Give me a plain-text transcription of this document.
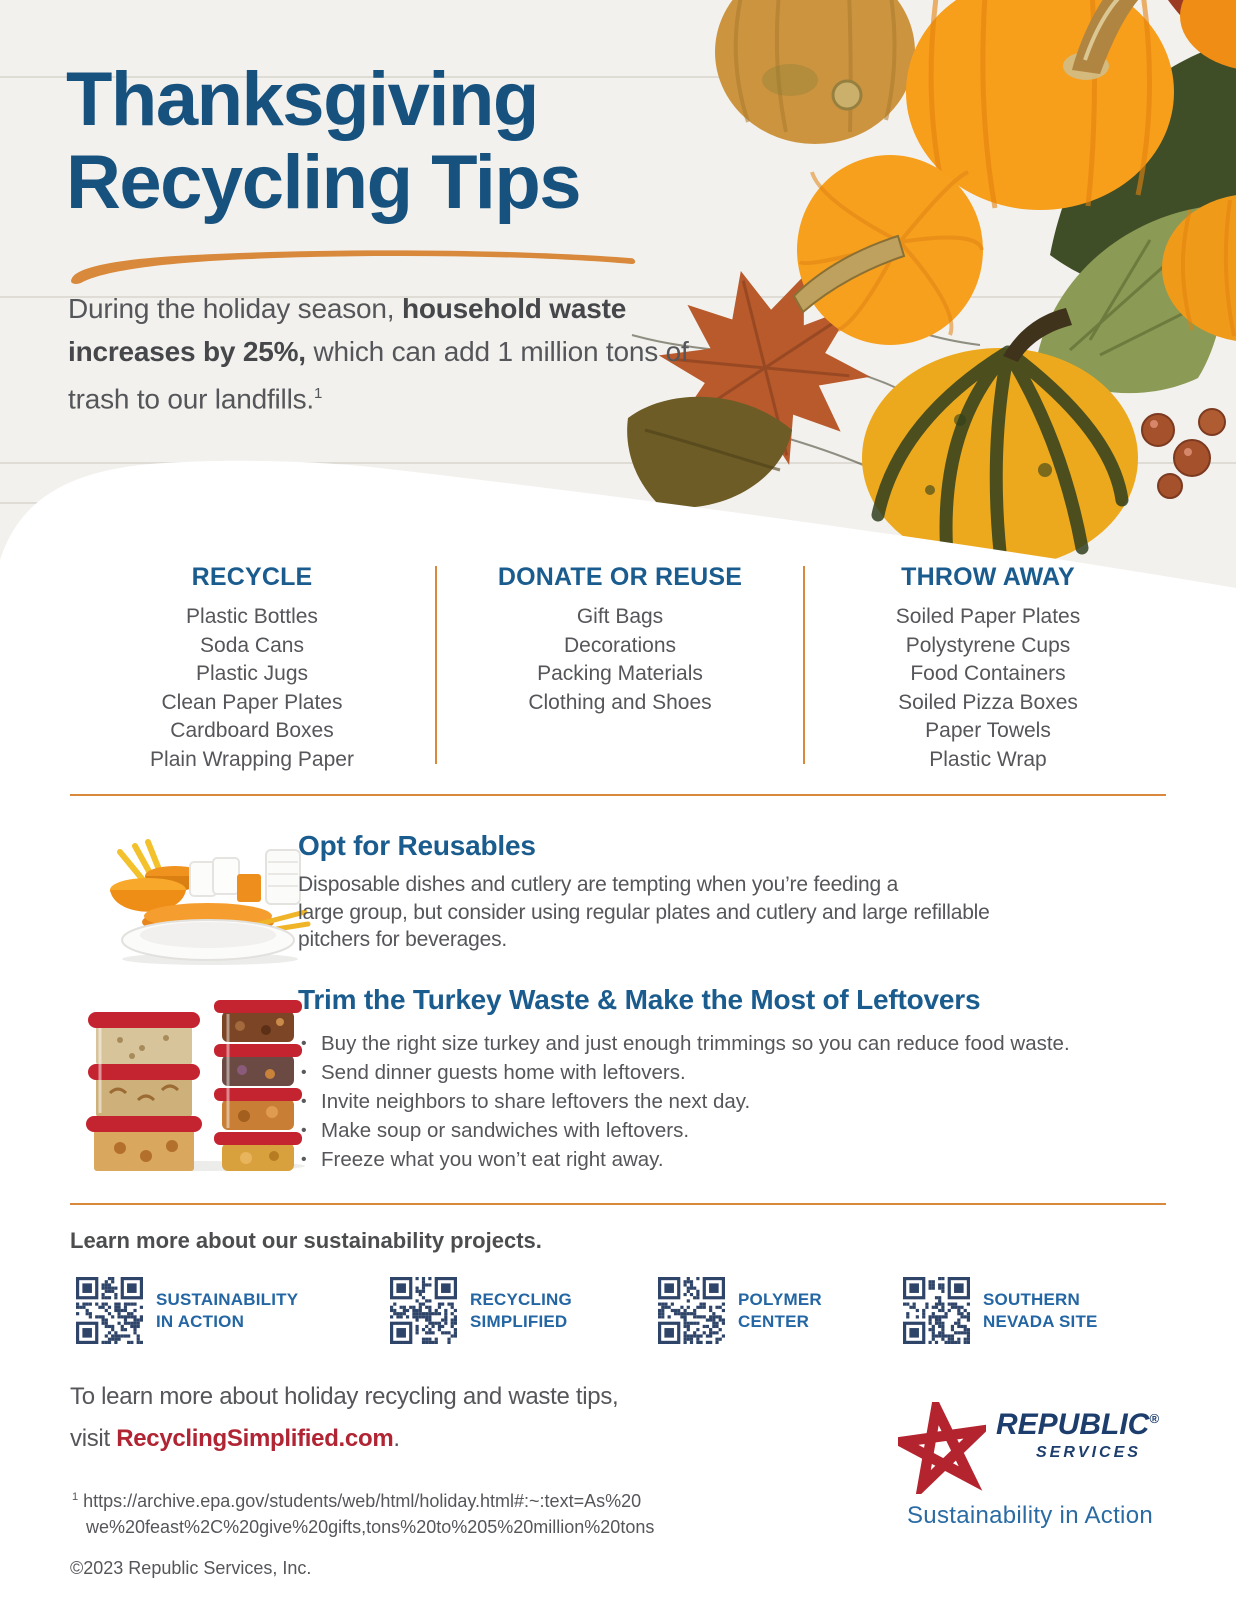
Thanksgiving
Recycling Tips

During the holiday season, household waste increases by 25%, which can add 1 million tons of trash to our landfills.$^1$

RECYCLE
Plastic Bottles
Soda Cans
Plastic Jugs
Clean Paper Plates
Cardboard Boxes
Plain Wrapping Paper
DONATE OR REUSE
Gift Bags
Decorations
Packing Materials
Clothing and Shoes
THROW AWAY
Soiled Paper Plates
Polystyrene Cups
Food Containers
Soiled Pizza Boxes
Paper Towels
Plastic Wrap
Opt for Reusables
Disposable dishes and cutlery are tempting when you’re feeding a
large group, but consider using regular plates and cutlery and large refillable
pitchers for beverages.
Trim the Turkey Waste & Make the Most of Leftovers
• Buy the right size turkey and just enough trimmings so you can reduce food waste.
• Send dinner guests home with leftovers.
• Invite neighbors to share leftovers the next day.
• Make soup or sandwiches with leftovers.
• Freeze what you won’t eat right away.
Learn more about our sustainability projects.
SUSTAINABILITY
IN ACTION
RECYCLING
SIMPLIFIED
POLYMER
CENTER
SOUTHERN
NEVADA SITE
To learn more about holiday recycling and waste tips,
visit RecyclingSimplified.com.
$^1$ https://archive.epa.gov/students/web/html/holiday.html#:~:text=As%20
we%20feast%2C%20give%20gifts,tons%20to%205%20million%20tons
©2023 Republic Services, Inc.
REPUBLIC®
SERVICES
Sustainability in Action
